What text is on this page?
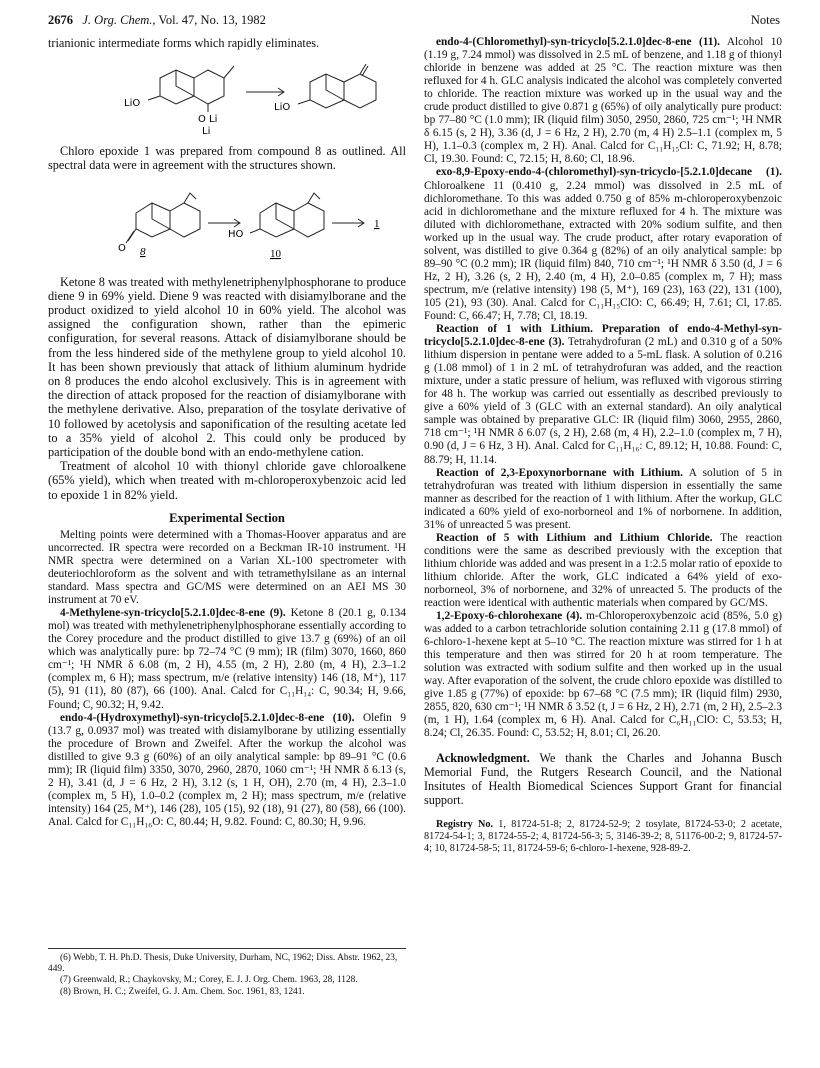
2676 J. Org. Chem., Vol. 47, No. 13, 1982	Notes

trianionic intermediate forms which rapidly eliminates.

LiO
O Li
Li
LiO

Chloro epoxide 1 was prepared from compound 8 as outlined. All spectral data were in agreement with the structures shown.

O 8
HO
10
1

Ketone 8 was treated with methylenetriphenylphosphorane to produce diene 9 in 69% yield. Diene 9 was reacted with disiamylborane and the product oxidized to yield alcohol 10 in 60% yield. The alcohol was assigned the configuration shown, rather than the epimeric configuration, for several reasons. Attack of disiamylborane should be from the less hindered side of the methylene group to yield alcohol 10. It has been shown previously that attack of lithium aluminum hydride on 8 produces the endo alcohol exclusively. This is in agreement with the direction of attack proposed for the reaction of disiamylborane with the methylene derivative. Also, preparation of the tosylate derivative of 10 followed by acetolysis and saponification of the resulting acetate led to a 35% yield of alcohol 2. This could only be produced by participation of the double bond with an endo-methylene cation.

Treatment of alcohol 10 with thionyl chloride gave chloroalkene (65% yield), which when treated with m-chloroperoxybenzoic acid led to epoxide 1 in 82% yield.

Experimental Section

Melting points were determined with a Thomas-Hoover apparatus and are uncorrected. IR spectra were recorded on a Beckman IR-10 instrument. ¹H NMR spectra were determined on a Varian XL-100 spectrometer with deuteriochloroform as the solvent and with tetramethylsilane as an internal standard. Mass spectra and GC/MS were determined on an AEI MS 30 instrument at 70 eV.

4-Methylene-syn-tricyclo[5.2.1.0]dec-8-ene (9). Ketone 8 (20.1 g, 0.134 mol) was treated with methylenetriphenylphosphorane essentially according to the Corey procedure and the product distilled to give 13.7 g (69%) of an oil which was analytically pure: bp 72–74 °C (9 mm); IR (film) 3070, 1660, 860 cm⁻¹; ¹H NMR δ 6.08 (m, 2 H), 4.55 (m, 2 H), 2.80 (m, 4 H), 2.3–1.2 (complex m, 6 H); mass spectrum, m/e (relative intensity) 146 (18, M⁺), 117 (5), 91 (11), 80 (87), 66 (100). Anal. Calcd for C₁₁H₁₄: C, 90.34; H, 9.66, Found; C, 90.32; H, 9.42.

endo-4-(Hydroxymethyl)-syn-tricyclo[5.2.1.0]dec-8-ene (10). Olefin 9 (13.7 g, 0.0937 mol) was treated with disiamylborane by utilizing essentially the procedure of Brown and Zweifel. After the workup the alcohol was distilled to give 9.3 g (60%) of an oily analytical sample: bp 89–91 °C (0.6 mm); IR (liquid film) 3350, 3070, 2960, 2870, 1060 cm⁻¹; ¹H NMR δ 6.13 (s, 2 H), 3.41 (d, J = 6 Hz, 2 H), 3.12 (s, 1 H, OH), 2.70 (m, 4 H), 2.3–1.0 (complex m, 5 H), 1.0–0.2 (complex m, 2 H); mass spectrum, m/e (relative intensity) 164 (25, M⁺), 146 (28), 105 (15), 92 (18), 91 (27), 80 (58), 66 (100). Anal. Calcd for C₁₁H₁₆O: C, 80.44; H, 9.82. Found: C, 80.30; H, 9.96.

(6) Webb, T. H. Ph.D. Thesis, Duke University, Durham, NC, 1962; Diss. Abstr. 1962, 23, 449.
(7) Greenwald, R.; Chaykovsky, M.; Corey, E. J. J. Org. Chem. 1963, 28, 1128.
(8) Brown, H. C.; Zweifel, G. J. Am. Chem. Soc. 1961, 83, 1241.

endo-4-(Chloromethyl)-syn-tricyclo[5.2.1.0]dec-8-ene (11). Alcohol 10 (1.19 g, 7.24 mmol) was dissolved in 2.5 mL of benzene, and 1.18 g of thionyl chloride in benzene was added at 25 °C. The reaction mixture was then refluxed for 4 h. GLC analysis indicated the alcohol was completely converted to chloride. The reaction mixture was worked up in the usual way and the crude product distilled to give 0.871 g (65%) of oily analytically pure product: bp 77–80 °C (1.0 mm); IR (liquid film) 3050, 2950, 2860, 725 cm⁻¹; ¹H NMR δ 6.15 (s, 2 H), 3.36 (d, J = 6 Hz, 2 H), 2.70 (m, 4 H) 2.5–1.1 (complex m, 5 H), 1.1–0.3 (complex m, 2 H). Anal. Calcd for C₁₁H₁₅Cl: C, 71.92; H, 8.78; Cl, 19.30. Found: C, 72.15; H, 8.60; Cl, 18.96.

exo-8,9-Epoxy-endo-4-(chloromethyl)-syn-tricyclo-[5.2.1.0]decane (1). Chloroalkene 11 (0.410 g, 2.24 mmol) was dissolved in 2.5 mL of dichloromethane. To this was added 0.750 g of 85% m-chloroperoxybenzoic acid in dichloromethane and the mixture refluxed for 4 h. The mixture was diluted with dichloromethane, extracted with 20% sodium sulfite, and then worked up in the usual way. The crude product, after rotary evaporation of solvent, was distilled to give 0.364 g (82%) of an oily analytical sample: bp 89–90 °C (0.2 mm); IR (liquid film) 840, 710 cm⁻¹; ¹H NMR δ 3.50 (d, J = 6 Hz, 2 H), 3.26 (s, 2 H), 2.40 (m, 4 H), 2.0–0.85 (complex m, 7 H); mass spectrum, m/e (relative intensity) 198 (5, M⁺), 169 (23), 163 (22), 131 (100), 105 (21), 93 (30). Anal. Calcd for C₁₁H₁₅ClO: C, 66.49; H, 7.61; Cl, 17.85. Found: C, 66.47; H, 7.78; Cl, 18.19.

Reaction of 1 with Lithium. Preparation of endo-4-Methyl-syn-tricyclo[5.2.1.0]dec-8-ene (3). Tetrahydrofuran (2 mL) and 0.310 g of a 50% lithium dispersion in pentane were added to a 5-mL flask. A solution of 0.216 g (1.08 mmol) of 1 in 2 mL of tetrahydrofuran was added, and the reaction mixture, under a static pressure of helium, was refluxed with vigorous stirring for 48 h. The workup was carried out essentially as described previously to give a 60% yield of 3 (GLC with an external standard). An oily analytical sample was obtained by preparative GLC: IR (liquid film) 3060, 2955, 2860, 718 cm⁻¹; ¹H NMR δ 6.07 (s, 2 H), 2.68 (m, 4 H), 2.2–1.0 (complex m, 7 H), 0.90 (d, J = 6 Hz, 3 H). Anal. Calcd for C₁₁H₁₆: C, 89.12; H, 10.88. Found: C, 88.79; H, 11.14.

Reaction of 2,3-Epoxynorbornane with Lithium. A solution of 5 in tetrahydrofuran was treated with lithium dispersion in essentially the same manner as described for the reaction of 1 with lithium. After the workup, GLC indicated a 60% yield of exo-norborneol and 1% of norbornene. In addition, 31% of unreacted 5 was present.

Reaction of 5 with Lithium and Lithium Chloride. The reaction conditions were the same as described previously with the exception that lithium chloride was added and was present in a 1:2.5 molar ratio of epoxide to lithium chloride. After the work, GLC indicated a 64% yield of exo-norborneol, 3% of norbornene, and 32% of unreacted 5. The products of the reaction were identical with authentic materials when compared by GC/MS.

1,2-Epoxy-6-chlorohexane (4). m-Chloroperoxybenzoic acid (85%, 5.0 g) was added to a carbon tetrachloride solution containing 2.11 g (17.8 mmol) of 6-chloro-1-hexene kept at 5–10 °C. The reaction mixture was stirred for 1 h at this temperature and then was stirred for 20 h at room temperature. The solution was extracted with sodium sulfite and then worked up in the usual way. After evaporation of the solvent, the crude chloro epoxide was distilled to give 1.85 g (77%) of epoxide: bp 67–68 °C (7.5 mm); IR (liquid film) 2930, 2855, 820, 630 cm⁻¹; ¹H NMR δ 3.52 (t, J = 6 Hz, 2 H), 2.71 (m, 2 H), 2.5–2.3 (m, 1 H), 1.64 (complex m, 6 H). Anal. Calcd for C₆H₁₁ClO: C, 53.53; H, 8.24; Cl, 26.35. Found: C, 53.52; H, 8.01; Cl, 26.20.

Acknowledgment. We thank the Charles and Johanna Busch Memorial Fund, the Rutgers Research Council, and the National Insitutes of Health Biomedical Sciences Support Grant for financial support.

Registry No. 1, 81724-51-8; 2, 81724-52-9; 2 tosylate, 81724-53-0; 2 acetate, 81724-54-1; 3, 81724-55-2; 4, 81724-56-3; 5, 3146-39-2; 8, 51176-00-2; 9, 81724-57-4; 10, 81724-58-5; 11, 81724-59-6; 6-chloro-1-hexene, 928-89-2.
